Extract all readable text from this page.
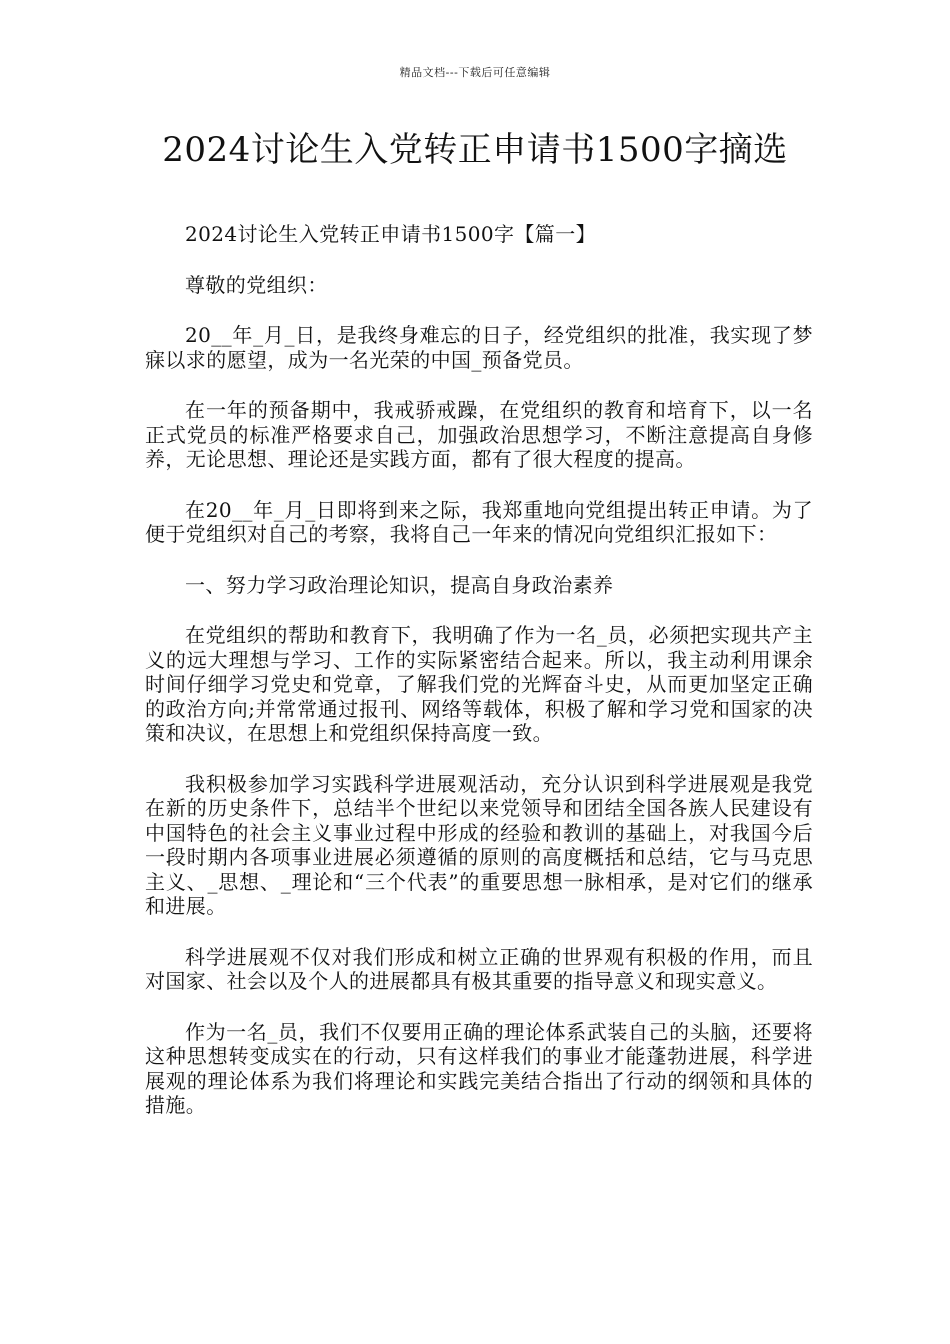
精品文档---下载后可任意编辑
2024讨论生入党转正申请书1500字摘选

2024讨论生入党转正申请书1500字【篇一】

尊敬的党组织：

20__年_月_日，是我终身难忘的日子，经党组织的批准，我实现了梦寐以求的愿望，成为一名光荣的中国_预备党员。

在一年的预备期中，我戒骄戒躁，在党组织的教育和培育下，以一名正式党员的标准严格要求自己，加强政治思想学习，不断注意提高自身修养，无论思想、理论还是实践方面，都有了很大程度的提高。

在20__年_月_日即将到来之际，我郑重地向党组提出转正申请。为了便于党组织对自己的考察，我将自己一年来的情况向党组织汇报如下：

一、努力学习政治理论知识，提高自身政治素养

在党组织的帮助和教育下，我明确了作为一名_员，必须把实现共产主义的远大理想与学习、工作的实际紧密结合起来。所以，我主动利用课余时间仔细学习党史和党章，了解我们党的光辉奋斗史，从而更加坚定正确的政治方向;并常常通过报刊、网络等载体，积极了解和学习党和国家的决策和决议，在思想上和党组织保持高度一致。

我积极参加学习实践科学进展观活动，充分认识到科学进展观是我党在新的历史条件下，总结半个世纪以来党领导和团结全国各族人民建设有中国特色的社会主义事业过程中形成的经验和教训的基础上，对我国今后一段时期内各项事业进展必须遵循的原则的高度概括和总结，它与马克思主义、_思想、_理论和“三个代表”的重要思想一脉相承，是对它们的继承和进展。

科学进展观不仅对我们形成和树立正确的世界观有积极的作用，而且对国家、社会以及个人的进展都具有极其重要的指导意义和现实意义。

作为一名_员，我们不仅要用正确的理论体系武装自己的头脑，还要将这种思想转变成实在的行动，只有这样我们的事业才能蓬勃进展，科学进展观的理论体系为我们将理论和实践完美结合指出了行动的纲领和具体的措施。
